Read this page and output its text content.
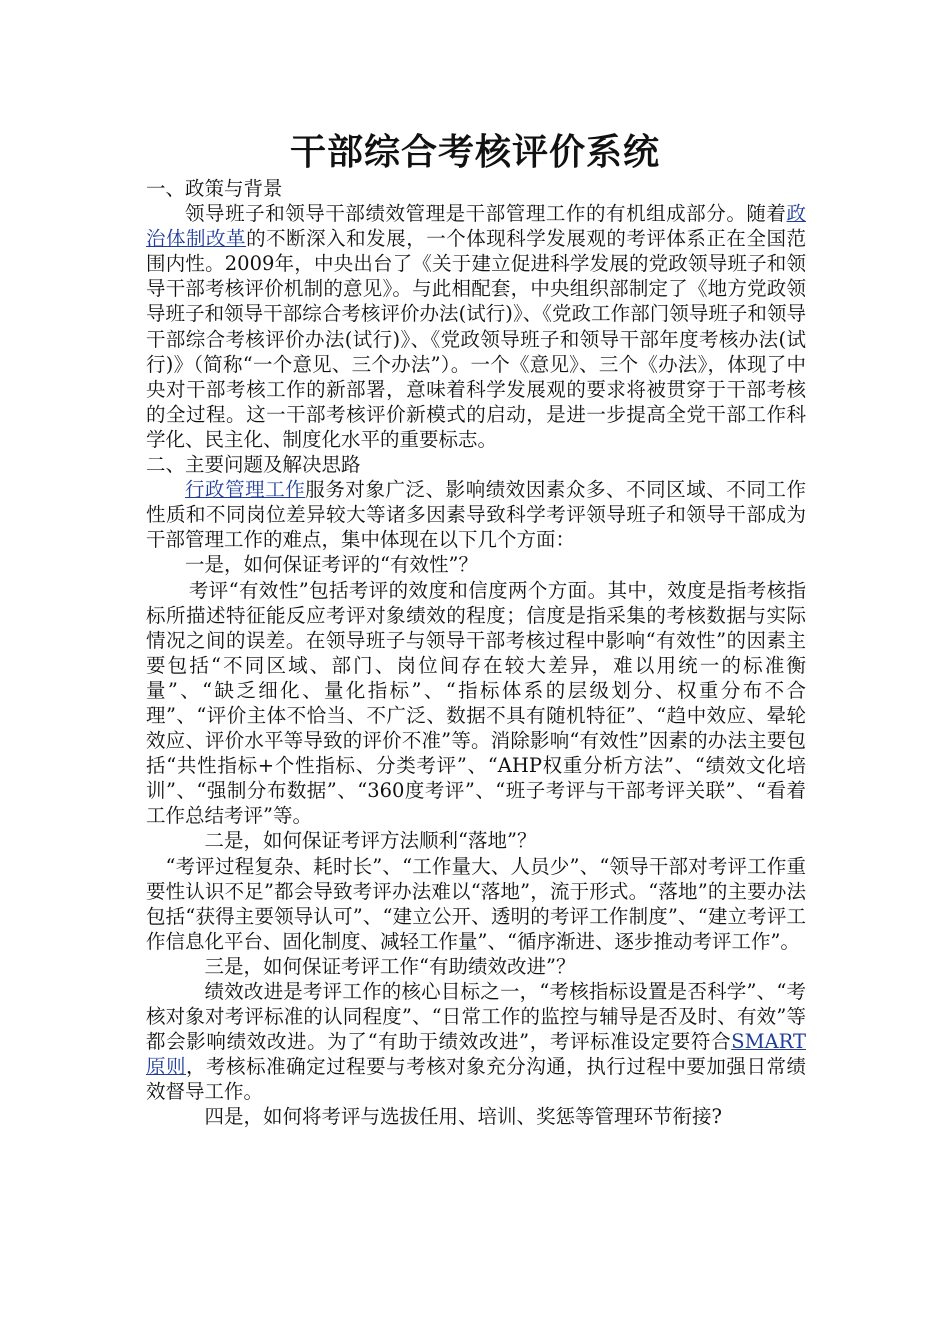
干部综合考核评价系统

一、政策与背景

领导班子和领导干部绩效管理是干部管理工作的有机组成部分。随着政治体制改革的不断深入和发展，一个体现科学发展观的考评体系正在全国范围内性。2009年，中央出台了《关于建立促进科学发展的党政领导班子和领导干部考核评价机制的意见》。与此相配套，中央组织部制定了《地方党政领导班子和领导干部综合考核评价办法(试行)》、《党政工作部门领导班子和领导干部综合考核评价办法(试行)》、《党政领导班子和领导干部年度考核办法(试行)》（简称“一个意见、三个办法”）。一个《意见》、三个《办法》，体现了中央对干部考核工作的新部署，意味着科学发展观的要求将被贯穿于干部考核的全过程。这一干部考核评价新模式的启动，是进一步提高全党干部工作科学化、民主化、制度化水平的重要标志。

二、主要问题及解决思路

行政管理工作服务对象广泛、影响绩效因素众多、不同区域、不同工作性质和不同岗位差异较大等诸多因素导致科学考评领导班子和领导干部成为干部管理工作的难点，集中体现在以下几个方面：

一是，如何保证考评的“有效性”？

考评“有效性”包括考评的效度和信度两个方面。其中，效度是指考核指标所描述特征能反应考评对象绩效的程度；信度是指采集的考核数据与实际情况之间的误差。在领导班子与领导干部考核过程中影响“有效性”的因素主要包括“不同区域、部门、岗位间存在较大差异，难以用统一的标准衡量”、“缺乏细化、量化指标”、“指标体系的层级划分、权重分布不合理”、“评价主体不恰当、不广泛、数据不具有随机特征”、“趋中效应、晕轮效应、评价水平等导致的评价不准”等。消除影响“有效性”因素的办法主要包括“共性指标+个性指标、分类考评”、“AHP权重分析方法”、“绩效文化培训”、“强制分布数据”、“360度考评”、“班子考评与干部考评关联”、“看着工作总结考评”等。

二是，如何保证考评方法顺利“落地”？

“考评过程复杂、耗时长”、“工作量大、人员少”、“领导干部对考评工作重要性认识不足”都会导致考评办法难以“落地”，流于形式。“落地”的主要办法包括“获得主要领导认可”、“建立公开、透明的考评工作制度”、“建立考评工作信息化平台、固化制度、减轻工作量”、“循序渐进、逐步推动考评工作”。

三是，如何保证考评工作“有助绩效改进”？

绩效改进是考评工作的核心目标之一，“考核指标设置是否科学”、“考核对象对考评标准的认同程度”、“日常工作的监控与辅导是否及时、有效”等都会影响绩效改进。为了“有助于绩效改进”，考评标准设定要符合SMART原则，考核标准确定过程要与考核对象充分沟通，执行过程中要加强日常绩效督导工作。

四是，如何将考评与选拔任用、培训、奖惩等管理环节衔接?
